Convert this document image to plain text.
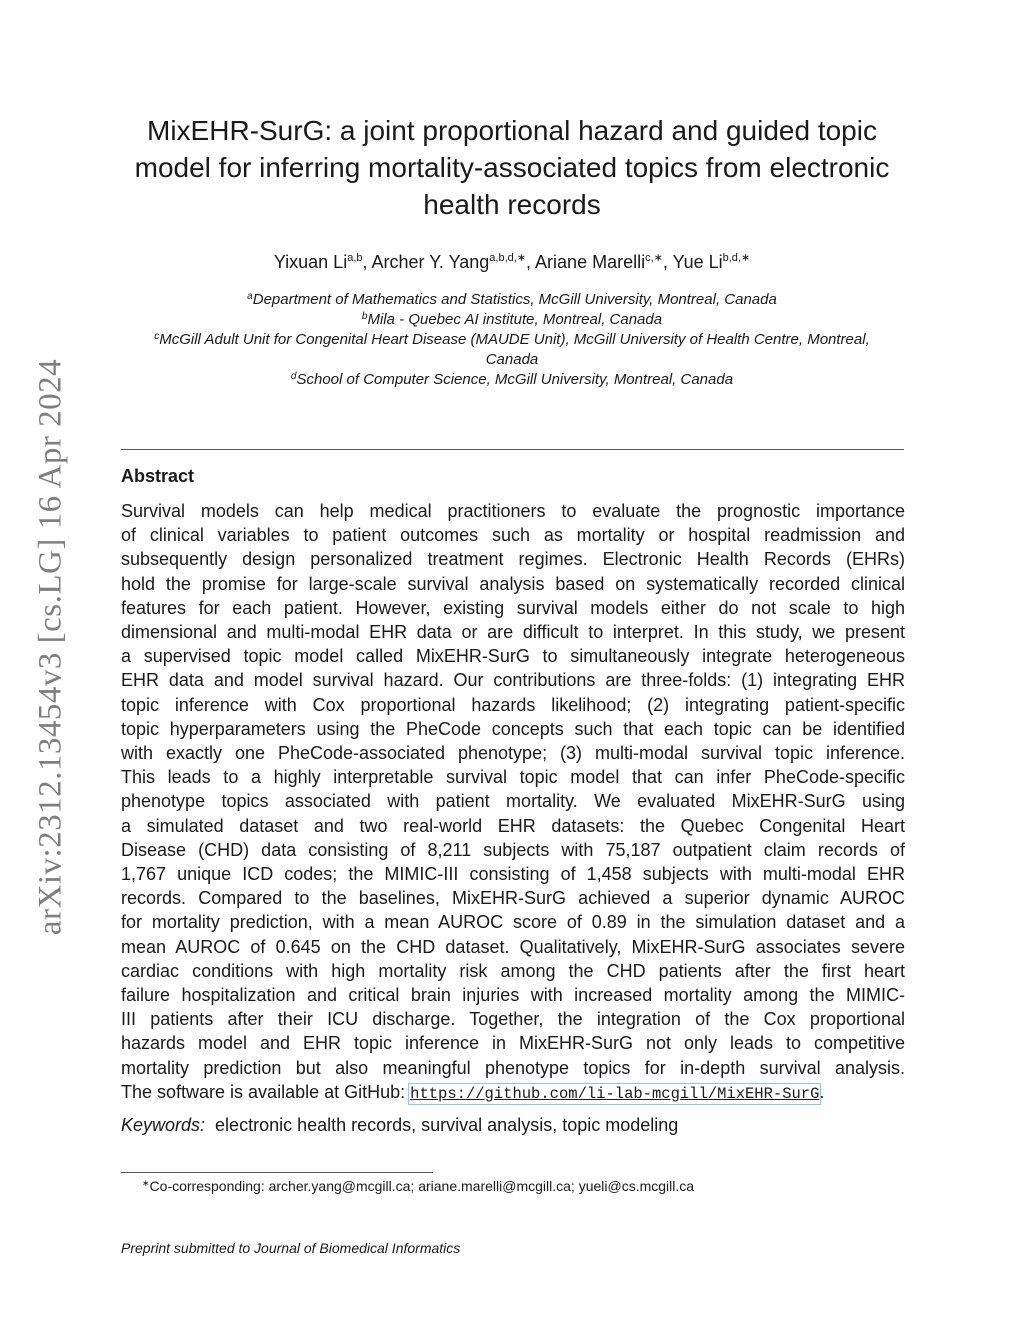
arXiv:2312.13454v3 [cs.LG] 16 Apr 2024
MixEHR-SurG: a joint proportional hazard and guided topic
model for inferring mortality-associated topics from electronic
health records
Yixuan Li$^{a,b}$, Archer Y. Yang$^{a,b,d,∗}$, Ariane Marelli$^{c,∗}$, Yue $Li^{b,d,∗}$
$^a$Department of Mathematics and Statistics, McGill University, Montreal, Canada
$^b$Mila - Quebec AI institute, Montreal, Canada
$^c$McGill Adult Unit for Congenital Heart Disease (MAUDE Unit), McGill University of Health Centre, Montreal,
Canada
$^d$School of Computer Science, McGill University, Montreal, Canada
Abstract
Survival models can help medical practitioners to evaluate the prognostic importance
of clinical variables to patient outcomes such as mortality or hospital readmission and
subsequently design personalized treatment regimes. Electronic Health Records (EHRs)
hold the promise for large-scale survival analysis based on systematically recorded clinical
features for each patient. However, existing survival models either do not scale to high
dimensional and multi-modal EHR data or are difficult to interpret. In this study, we present
a supervised topic model called MixEHR-SurG to simultaneously integrate heterogeneous
EHR data and model survival hazard. Our contributions are three-folds: (1) integrating EHR
topic inference with Cox proportional hazards likelihood; (2) integrating patient-specific
topic hyperparameters using the PheCode concepts such that each topic can be identified
with exactly one PheCode-associated phenotype; (3) multi-modal survival topic inference.
This leads to a highly interpretable survival topic model that can infer PheCode-specific
phenotype topics associated with patient mortality. We evaluated MixEHR-SurG using
a simulated dataset and two real-world EHR datasets: the Quebec Congenital Heart
Disease (CHD) data consisting of 8,211 subjects with 75,187 outpatient claim records of
1,767 unique ICD codes; the MIMIC-III consisting of 1,458 subjects with multi-modal EHR
records. Compared to the baselines, MixEHR-SurG achieved a superior dynamic AUROC
for mortality prediction, with a mean AUROC score of 0.89 in the simulation dataset and a
mean AUROC of 0.645 on the CHD dataset. Qualitatively, MixEHR-SurG associates severe
cardiac conditions with high mortality risk among the CHD patients after the first heart
failure hospitalization and critical brain injuries with increased mortality among the MIMIC-
III patients after their ICU discharge. Together, the integration of the Cox proportional
hazards model and EHR topic inference in MixEHR-SurG not only leads to competitive
mortality prediction but also meaningful phenotype topics for in-depth survival analysis.
The software is available at GitHub: https://github.com/li-lab-mcgill/MixEHR-SurG.
Keywords: electronic health records, survival analysis, topic modeling
∗Co-corresponding: archer.yang@mcgill.ca; ariane.marelli@mcgill.ca; yueli@cs.mcgill.ca
Preprint submitted to Journal of Biomedical Informatics
